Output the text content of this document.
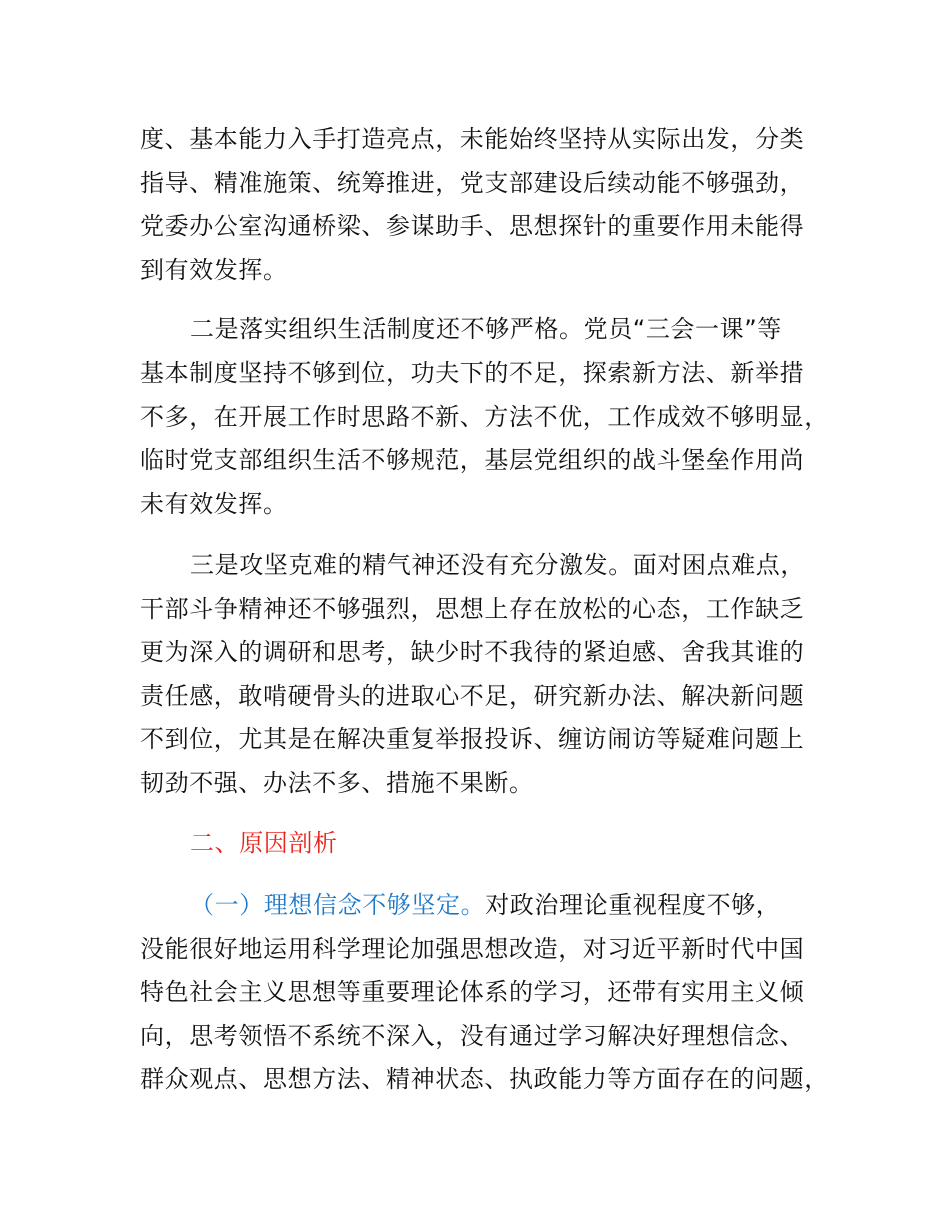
度、基本能力入手打造亮点，未能始终坚持从实际出发，分类
指导、精准施策、统筹推进，党支部建设后续动能不够强劲，
党委办公室沟通桥梁、参谋助手、思想探针的重要作用未能得
到有效发挥。
二是落实组织生活制度还不够严格。党员“三会一课”等
基本制度坚持不够到位，功夫下的不足，探索新方法、新举措
不多，在开展工作时思路不新、方法不优，工作成效不够明显，
临时党支部组织生活不够规范，基层党组织的战斗堡垒作用尚
未有效发挥。
三是攻坚克难的精气神还没有充分激发。面对困点难点，
干部斗争精神还不够强烈，思想上存在放松的心态，工作缺乏
更为深入的调研和思考，缺少时不我待的紧迫感、舍我其谁的
责任感，敢啃硬骨头的进取心不足，研究新办法、解决新问题
不到位，尤其是在解决重复举报投诉、缠访闹访等疑难问题上
韧劲不强、办法不多、措施不果断。
二、原因剖析
（一）理想信念不够坚定。对政治理论重视程度不够，
没能很好地运用科学理论加强思想改造，对习近平新时代中国
特色社会主义思想等重要理论体系的学习，还带有实用主义倾
向，思考领悟不系统不深入，没有通过学习解决好理想信念、
群众观点、思想方法、精神状态、执政能力等方面存在的问题，
